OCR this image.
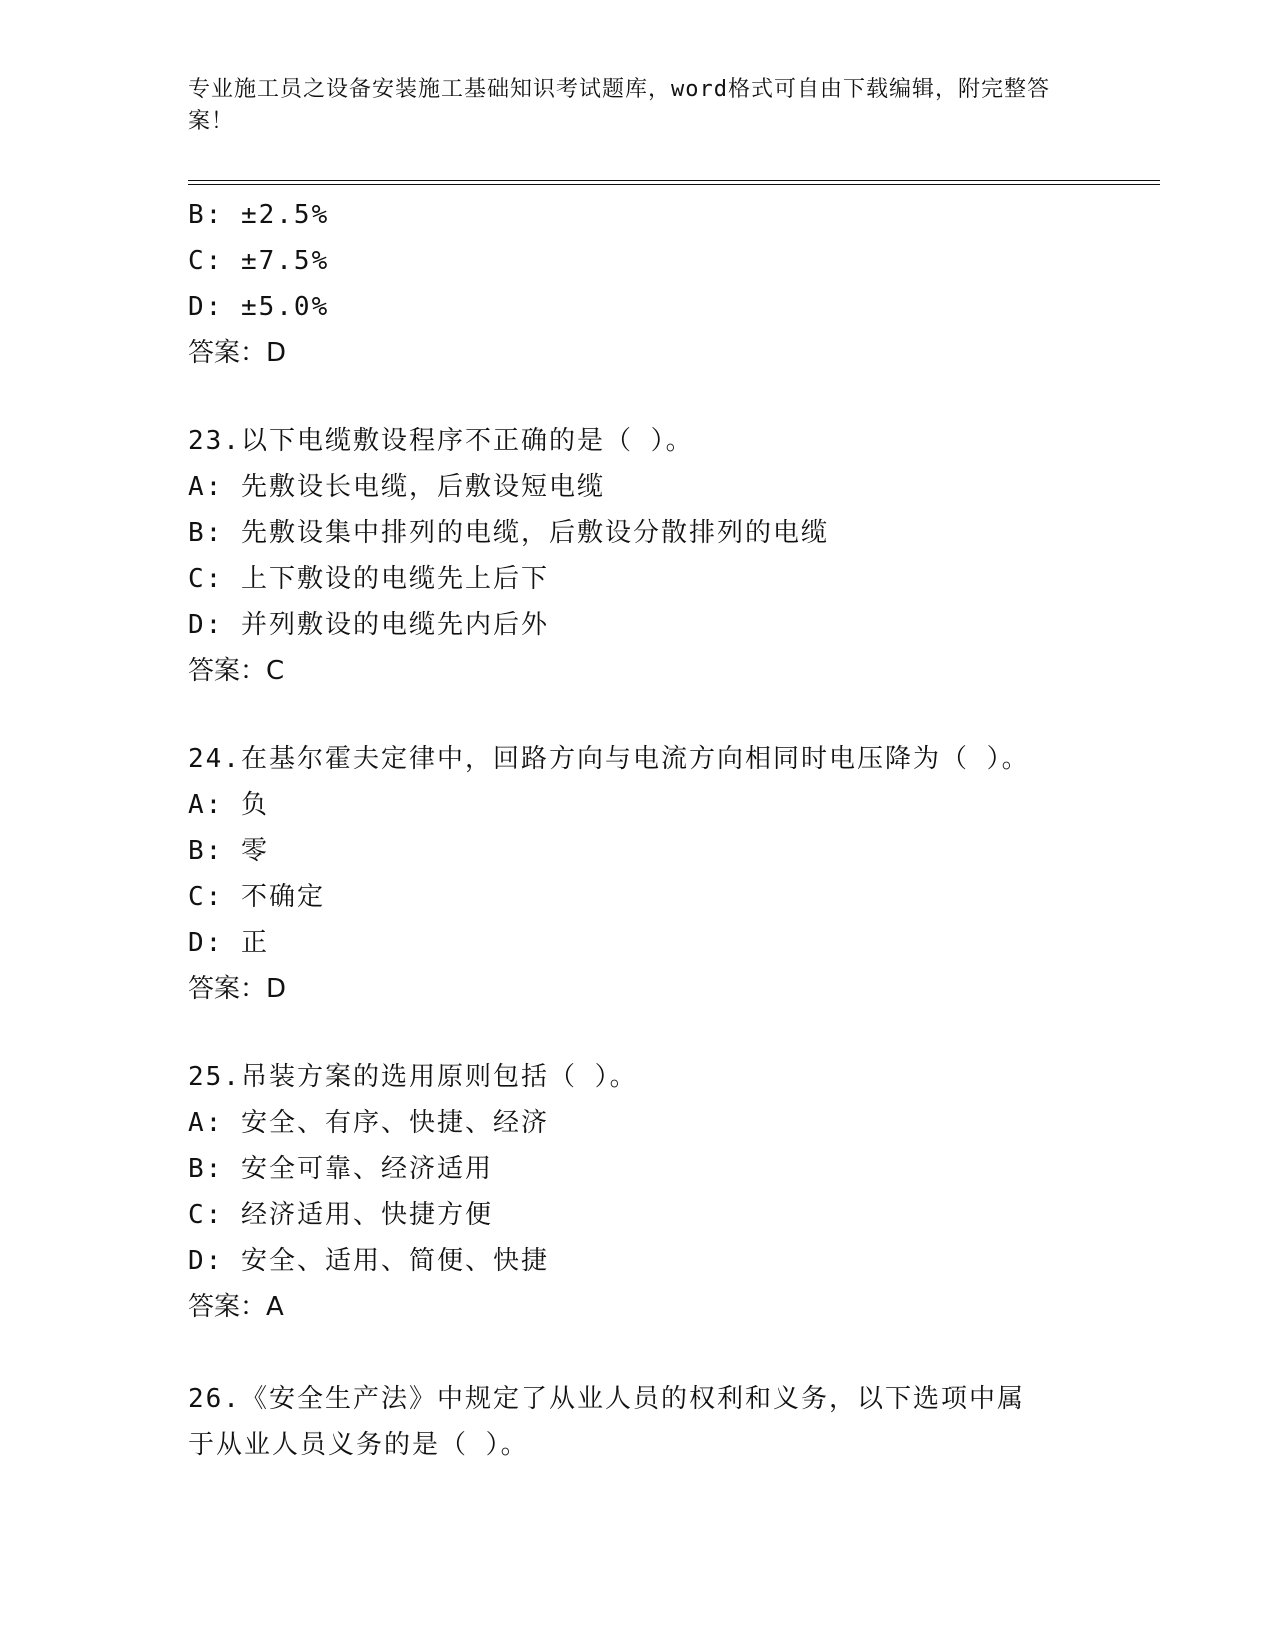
专业施工员之设备安装施工基础知识考试题库，word格式可自由下载编辑，附完整答案！
B: ±2.5%
C: ±7.5%
D: ±5.0%
答案：D
23.以下电缆敷设程序不正确的是（ ）。
A: 先敷设长电缆，后敷设短电缆
B: 先敷设集中排列的电缆，后敷设分散排列的电缆
C: 上下敷设的电缆先上后下
D: 并列敷设的电缆先内后外
答案：C
24.在基尔霍夫定律中，回路方向与电流方向相同时电压降为（ ）。
A: 负
B: 零
C: 不确定
D: 正
答案：D
25.吊装方案的选用原则包括（ ）。
A: 安全、有序、快捷、经济
B: 安全可靠、经济适用
C: 经济适用、快捷方便
D: 安全、适用、简便、快捷
答案：A
26.《安全生产法》中规定了从业人员的权利和义务，以下选项中属于从业人员义务的是（ ）。
